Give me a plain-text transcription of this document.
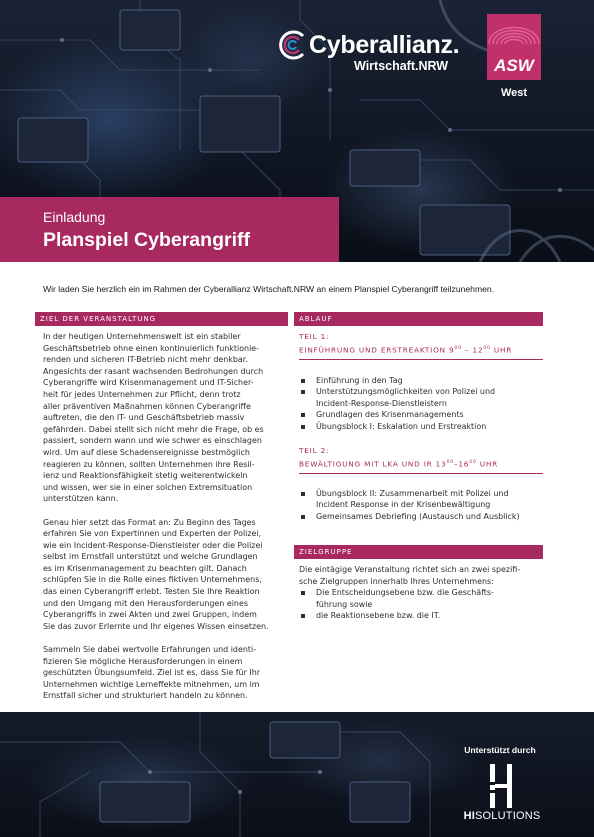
Cyberallianz.
Wirtschaft.NRW	ASW
West
Einladung
Planspiel Cyberangriff
Wir laden Sie herzlich ein im Rahmen der Cyberallianz Wirtschaft.NRW an einem Planspiel Cyberangriff teilzunehmen.
ZIEL DER VERANSTALTUNG

In der heutigen Unternehmenswelt ist ein stabiler
Geschäftsbetrieb ohne einen kontinuierlich funktionie-
renden und sicheren IT-Betrieb nicht mehr denkbar.
Angesichts der rasant wachsenden Bedrohungen durch
Cyberangriffe wird Krisenmanagement und IT-Sicher-
heit für jedes Unternehmen zur Pflicht, denn trotz
aller präventiven Maßnahmen können Cyberangriffe
auftreten, die den IT- und Geschäftsbetrieb massiv
gefährden. Dabei stellt sich nicht mehr die Frage, ob es
passiert, sondern wann und wie schwer es einschlagen
wird. Um auf diese Schadensereignisse bestmöglich
reagieren zu können, sollten Unternehmen ihre Resil-
ienz und Reaktionsfähigkeit stetig weiterentwickeln
und wissen, wer sie in einer solchen Extremsituation
unterstützen kann.

Genau hier setzt das Format an: Zu Beginn des Tages
erfahren Sie von Expertinnen und Experten der Polizei,
wie ein Incident-Response-Dienstleister oder die Polizei
selbst im Ernstfall unterstützt und welche Grundlagen
es im Krisenmanagement zu beachten gilt. Danach
schlüpfen Sie in die Rolle eines fiktiven Unternehmens,
das einen Cyberangriff erlebt. Testen Sie Ihre Reaktion
und den Umgang mit den Herausforderungen eines
Cyberangriffs in zwei Akten und zwei Gruppen, indem
Sie das zuvor Erlernte und Ihr eigenes Wissen einsetzen.

Sammeln Sie dabei wertvolle Erfahrungen und identi-
fizieren Sie mögliche Herausforderungen in einem
geschützten Übungsumfeld. Ziel ist es, dass Sie für Ihr
Unternehmen wichtige Lerneffekte mitnehmen, um im
Ernstfall sicher und strukturiert handeln zu können.

ABLAUF
TEIL 1:
EINFÜHRUNG UND ERSTREAKTION $9^{00} - 12^{00}$ UHR
Einführung in den Tag
Unterstützungsmöglichkeiten von Polizei und
Incident-Response-Dienstleistern
Grundlagen des Krisenmanagements
Übungsblock I: Eskalation und Erstreaktion
TEIL 2:
BEWÄLTIGUNG MIT LKA UND IR $13^{00}-16^{00}$ UHR
Übungsblock II: Zusammenarbeit mit Polizei und
Incident Response in der Krisenbewältigung
Gemeinsames Debriefing (Austausch und Ausblick)
ZIELGRUPPE
Die eintägige Veranstaltung richtet sich an zwei spezifi-
sche Zielgruppen innerhalb Ihres Unternehmens:
Die Entscheidungsebene bzw. die Geschäfts-
führung sowie
die Reaktionsebene bzw. die IT.
Unterstützt durch
HISOLUTIONS
